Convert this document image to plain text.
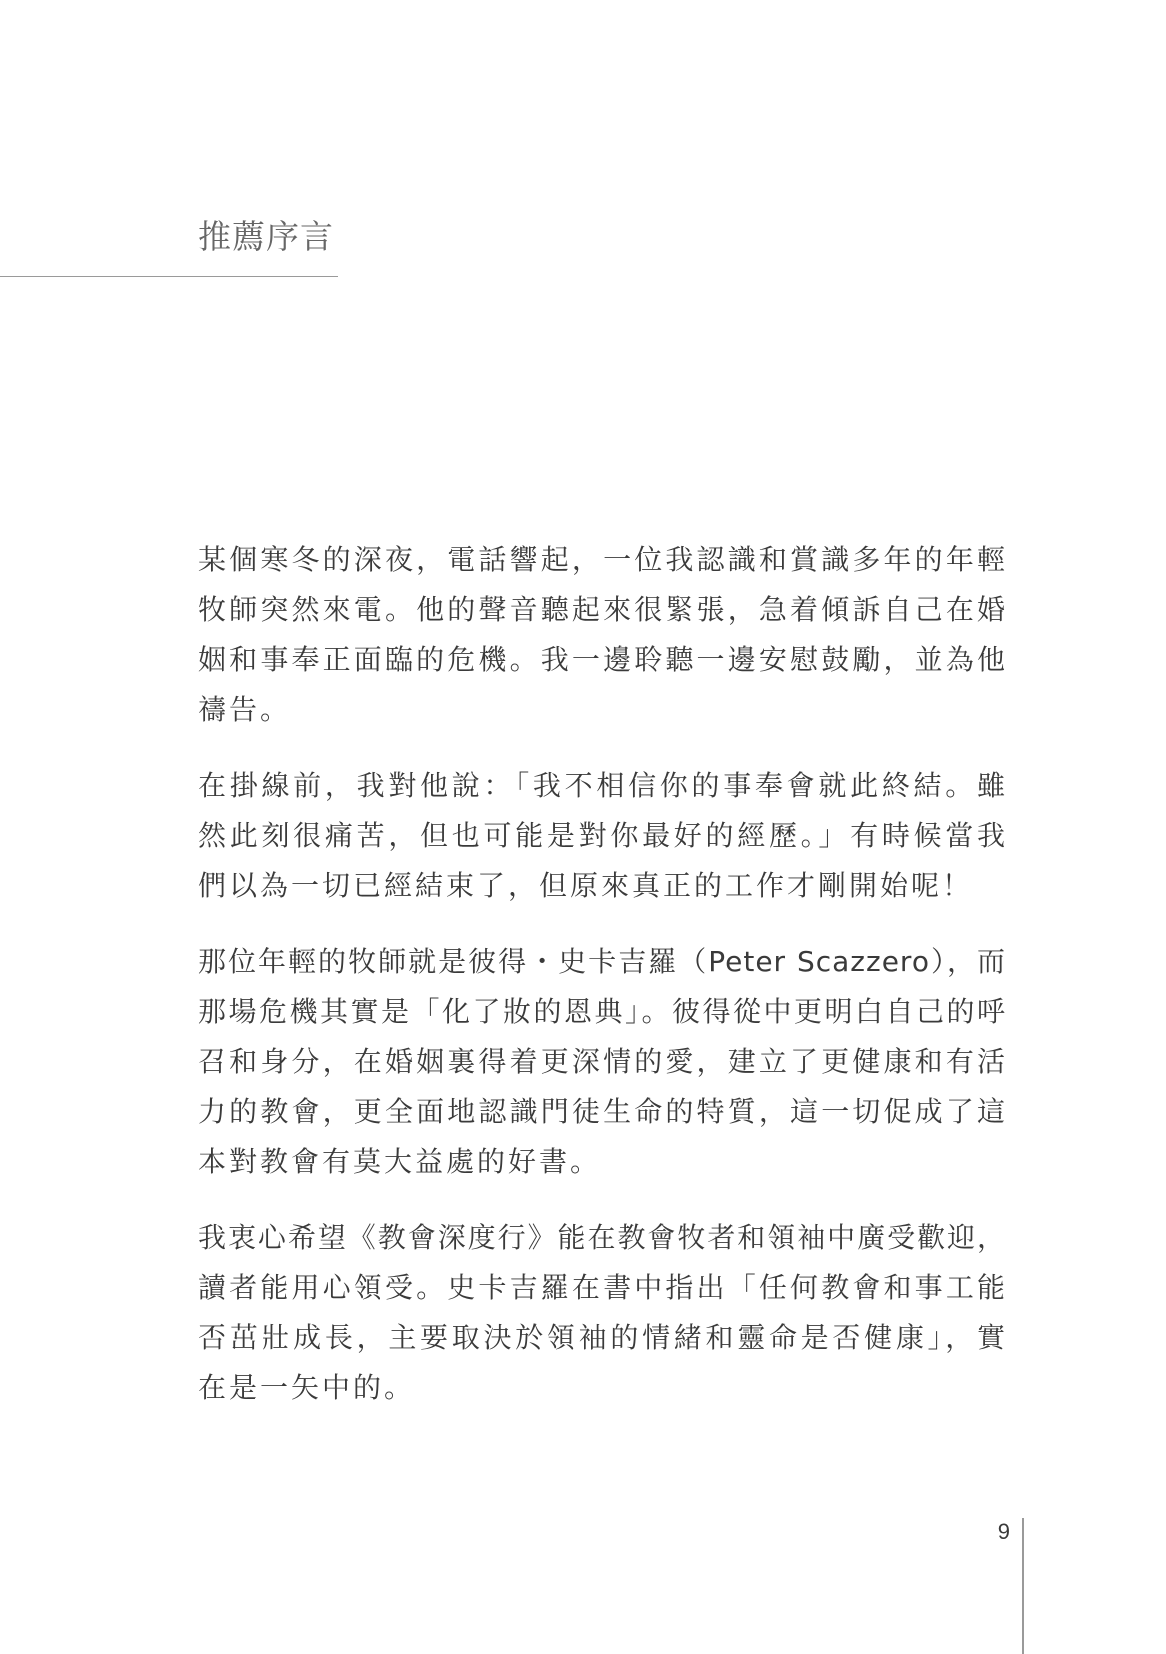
推薦序言
某個寒冬的深夜，電話響起，一位我認識和賞識多年的年輕
牧師突然來電。他的聲音聽起來很緊張，急着傾訴自己在婚
姻和事奉正面臨的危機。我一邊聆聽一邊安慰鼓勵，並為他
禱告。
在掛線前，我對他說：「我不相信你的事奉會就此終結。雖
然此刻很痛苦，但也可能是對你最好的經歷。」有時候當我
們以為一切已經結束了，但原來真正的工作才剛開始呢！
那位年輕的牧師就是彼得・史卡吉羅（Peter Scazzero），而
那場危機其實是「化了妝的恩典」。彼得從中更明白自己的呼
召和身分，在婚姻裏得着更深情的愛，建立了更健康和有活
力的教會，更全面地認識門徒生命的特質，這一切促成了這
本對教會有莫大益處的好書。
我衷心希望《教會深度行》能在教會牧者和領袖中廣受歡迎，
讀者能用心領受。史卡吉羅在書中指出「任何教會和事工能
否茁壯成長，主要取決於領袖的情緒和靈命是否健康」，實
在是一矢中的。
9
